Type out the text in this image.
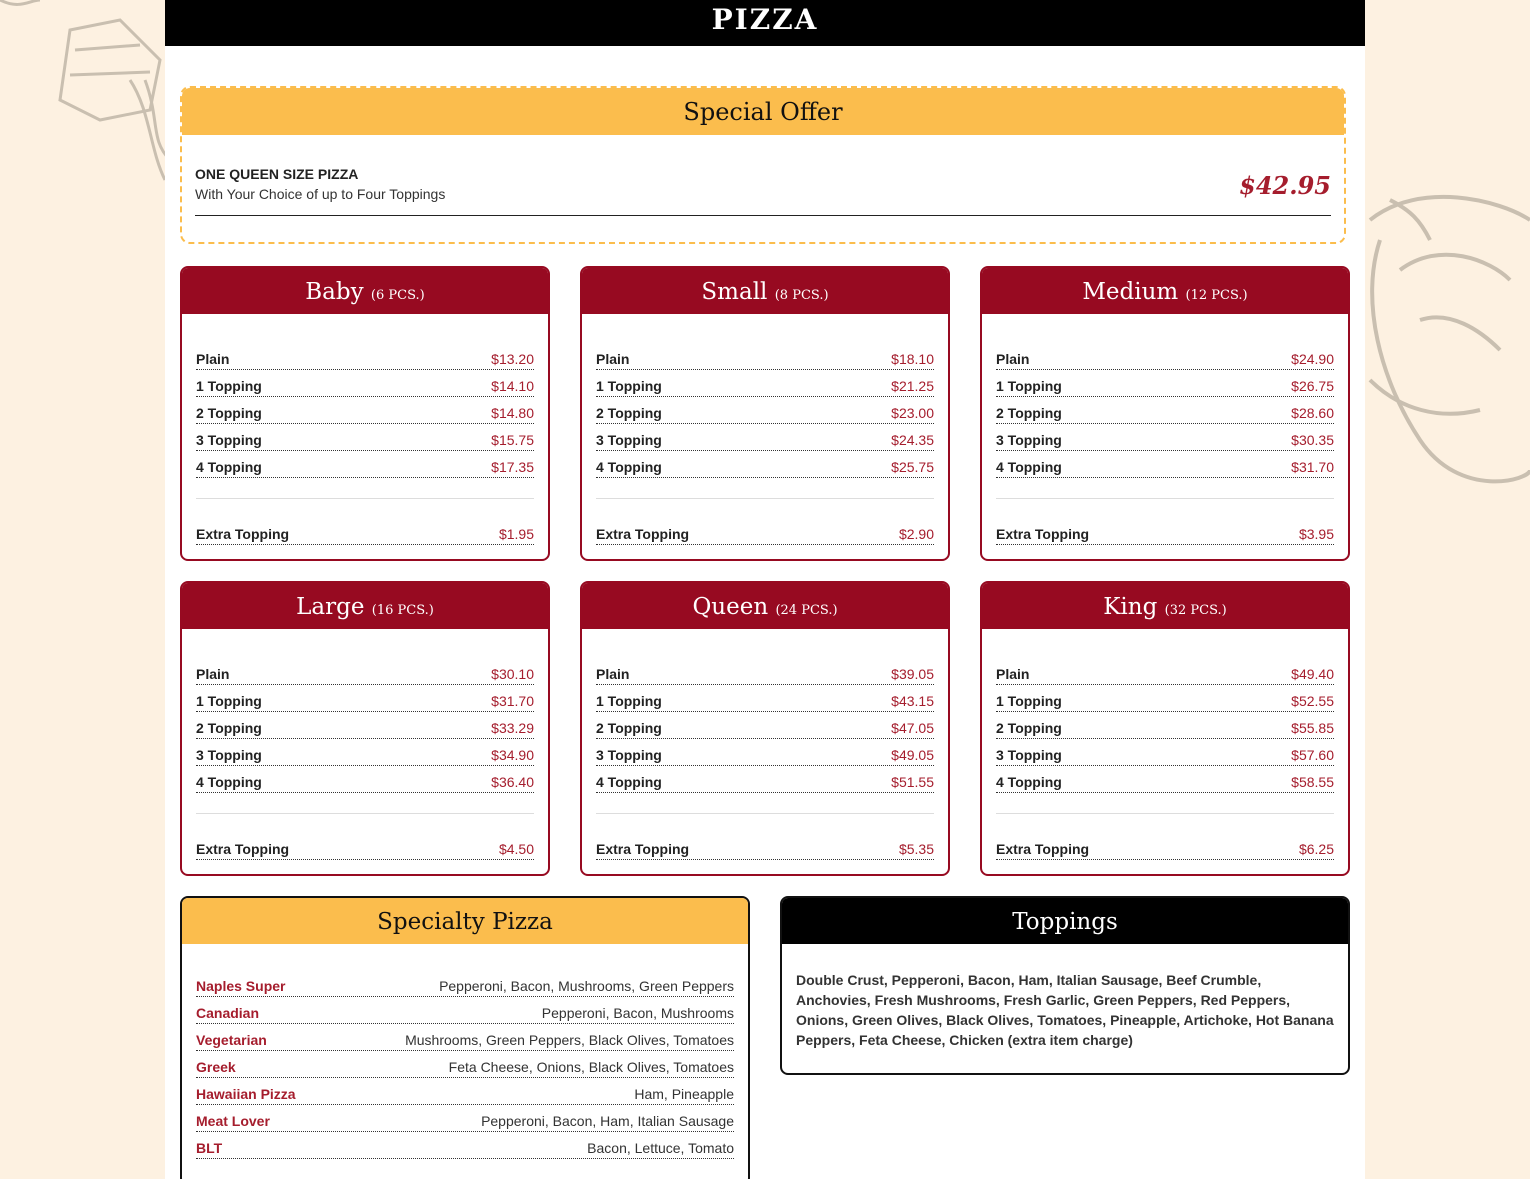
PIZZA
Special Offer
ONE QUEEN SIZE PIZZA
With Your Choice of up to Four Toppings	$42.95
Baby (6 PCS.)
Plain	$13.20
1 Topping	$14.10
2 Topping	$14.80
3 Topping	$15.75
4 Topping	$17.35
Extra Topping	$1.95
Small (8 PCS.)
Plain	$18.10
1 Topping	$21.25
2 Topping	$23.00
3 Topping	$24.35
4 Topping	$25.75
Extra Topping	$2.90
Medium (12 PCS.)
Plain	$24.90
1 Topping	$26.75
2 Topping	$28.60
3 Topping	$30.35
4 Topping	$31.70
Extra Topping	$3.95
Large (16 PCS.)
Plain	$30.10
1 Topping	$31.70
2 Topping	$33.29
3 Topping	$34.90
4 Topping	$36.40
Extra Topping	$4.50
Queen (24 PCS.)
Plain	$39.05
1 Topping	$43.15
2 Topping	$47.05
3 Topping	$49.05
4 Topping	$51.55
Extra Topping	$5.35
King (32 PCS.)
Plain	$49.40
1 Topping	$52.55
2 Topping	$55.85
3 Topping	$57.60
4 Topping	$58.55
Extra Topping	$6.25
Specialty Pizza
Naples Super	Pepperoni, Bacon, Mushrooms, Green Peppers
Canadian	Pepperoni, Bacon, Mushrooms
Vegetarian	Mushrooms, Green Peppers, Black Olives, Tomatoes
Greek	Feta Cheese, Onions, Black Olives, Tomatoes
Hawaiian Pizza	Ham, Pineapple
Meat Lover	Pepperoni, Bacon, Ham, Italian Sausage
BLT	Bacon, Lettuce, Tomato
Toppings
Double Crust, Pepperoni, Bacon, Ham, Italian Sausage, Beef Crumble, Anchovies, Fresh Mushrooms, Fresh Garlic, Green Peppers, Red Peppers, Onions, Green Olives, Black Olives, Tomatoes, Pineapple, Artichoke, Hot Banana Peppers, Feta Cheese, Chicken (extra item charge)
